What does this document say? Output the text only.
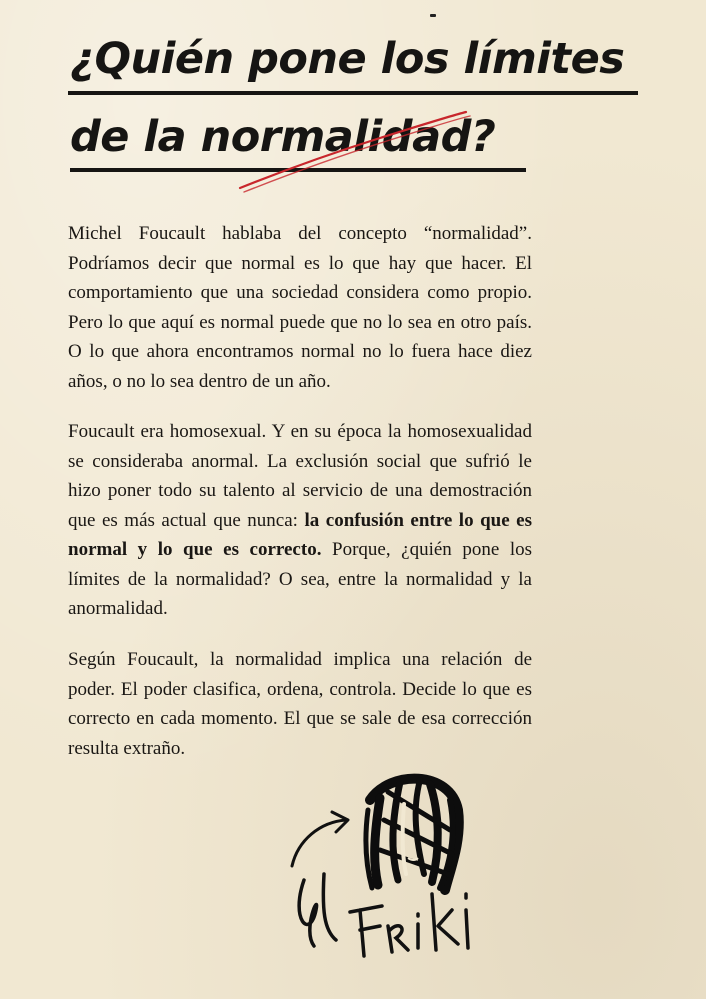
¿Quién pone los límites
de la normalidad?

Michel Foucault hablaba del concepto “normalidad”. Podríamos decir que normal es lo que hay que hacer. El comportamiento que una sociedad considera como propio. Pero lo que aquí es normal puede que no lo sea en otro país. O lo que ahora encontramos normal no lo fuera hace diez años, o no lo sea dentro de un año.

Foucault era homosexual. Y en su época la homosexualidad se consideraba anormal. La exclusión social que sufrió le hizo poner todo su talento al servicio de una demostración que es más actual que nunca: la confusión entre lo que es normal y lo que es correcto. Porque, ¿quién pone los límites de la normalidad? O sea, entre la normalidad y la anormalidad.

Según Foucault, la normalidad implica una relación de poder. El poder clasifica, ordena, controla. Decide lo que es correcto en cada momento. El que se sale de esa corrección resulta extraño.
